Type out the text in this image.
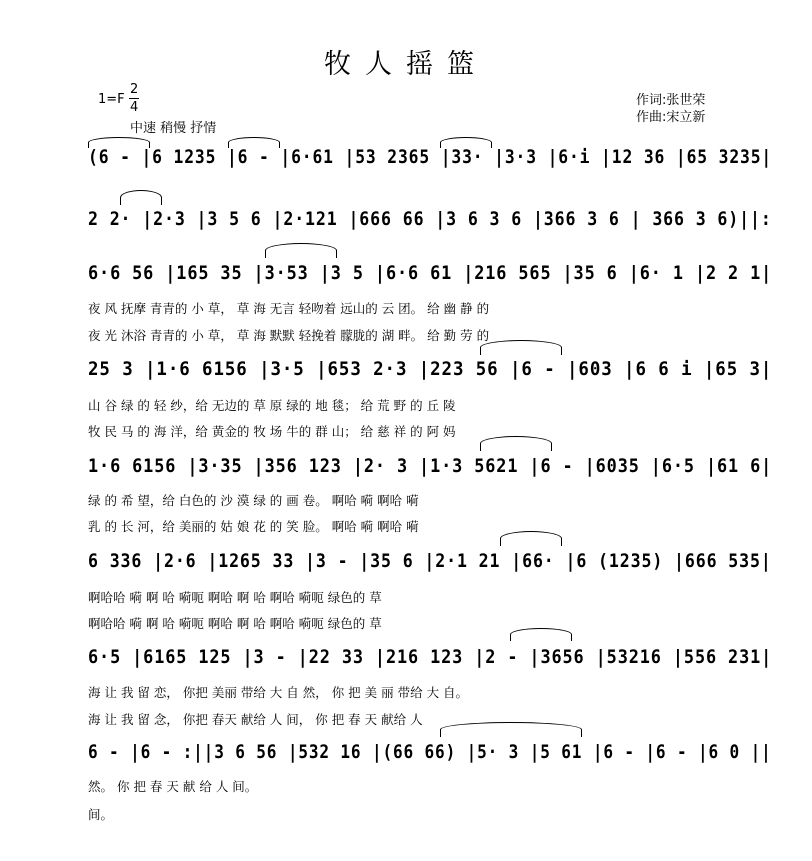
牧人摇篮
1=F
2
4
中速 稍慢 抒情
作词:张世荣
作曲:宋立新
(6 - |6 1235 |6 - |6·61 |53 2365 |33· |3·3 |6·i |12 36 |65 3235|
2 2· |2·3 |3 5 6 |2·121 |666 66 |3 6 3 6 |366 3 6 | 366 3 6)||:
6·6 56 |165 35 |3·53 |3 5 |6·6 61 |216 565 |35 6 |6· 1 |2 2 1|
夜 风 抚摩 青青的 小 草， 草 海 无言 轻吻着 远山的 云 团。 给 幽 静 的
夜 光 沐浴 青青的 小 草， 草 海 默默 轻挽着 朦胧的 湖 畔。 给 勤 劳 的
25 3 |1·6 6156 |3·5 |653 2·3 |223 56 |6 - |603 |6 6 i |65 3|
山 谷 绿 的 轻 纱，给 无边的 草 原 绿的 地 毯； 给 荒 野 的 丘 陵
牧 民 马 的 海 洋，给 黄金的 牧 场 牛的 群 山； 给 慈 祥 的 阿 妈
1·6 6156 |3·35 |356 123 |2· 3 |1·3 5621 |6 - |6035 |6·5 |61 6|
绿 的 希 望，给 白色的 沙 漠 绿 的 画 卷。 啊哈 嗬 啊哈 嗬
乳 的 长 河，给 美丽的 姑 娘 花 的 笑 脸。 啊哈 嗬 啊哈 嗬
6 336 |2·6 |1265 33 |3 - |35 6 |2·1 21 |66· |6 (1235) |666 535|
啊哈哈 嗬 啊 哈 嗬呃 啊哈 啊 哈 啊哈 嗬呃 绿色的 草
啊哈哈 嗬 啊 哈 嗬呃 啊哈 啊 哈 啊哈 嗬呃 绿色的 草
6·5 |6165 125 |3 - |22 33 |216 123 |2 - |3656 |53216 |556 231|
海 让 我 留 恋， 你把 美丽 带给 大 自 然， 你 把 美 丽 带给 大 自。
海 让 我 留 念， 你把 春天 献给 人 间， 你 把 春 天 献给 人
6 - |6 - :||3 6 56 |532 16 |(66 66) |5· 3 |5 61 |6 - |6 - |6 0 ||
然。 你 把 春 天 献 给 人 间。
间。
